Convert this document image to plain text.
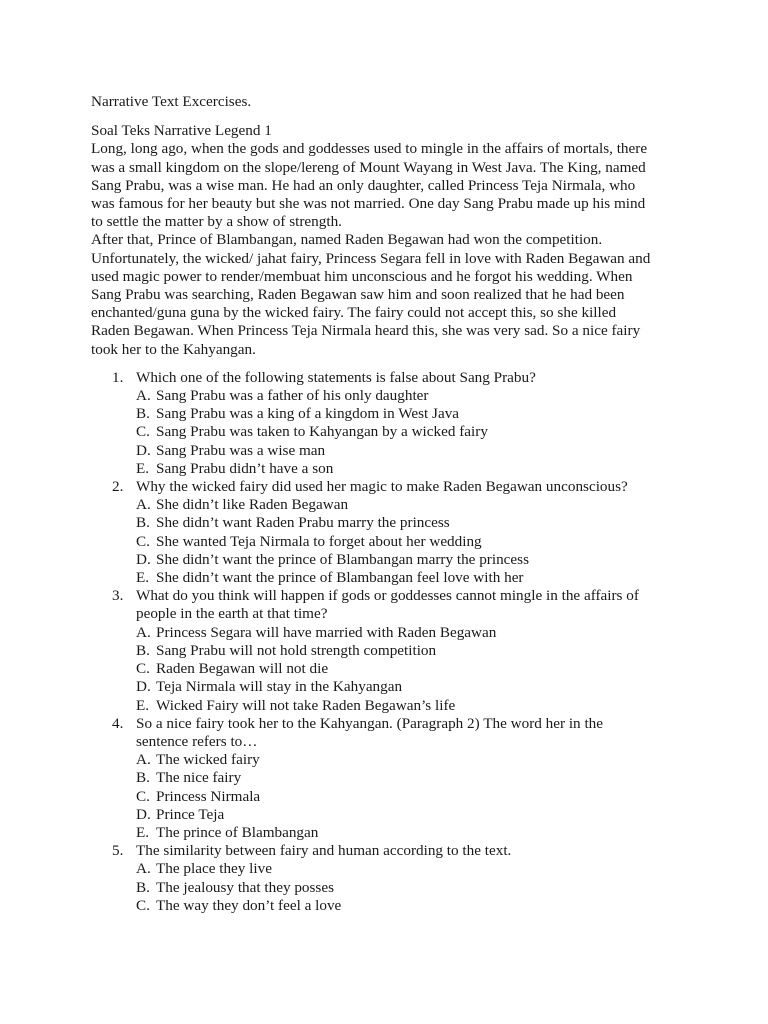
Narrative Text Excercises.

Soal Teks Narrative Legend 1
Long, long ago, when the gods and goddesses used to mingle in the affairs of mortals, there
was a small kingdom on the slope/lereng of Mount Wayang in West Java. The King, named
Sang Prabu, was a wise man. He had an only daughter, called Princess Teja Nirmala, who
was famous for her beauty but she was not married. One day Sang Prabu made up his mind
to settle the matter by a show of strength.
After that, Prince of Blambangan, named Raden Begawan had won the competition.
Unfortunately, the wicked/ jahat fairy, Princess Segara fell in love with Raden Begawan and
used magic power to render/membuat him unconscious and he forgot his wedding. When
Sang Prabu was searching, Raden Begawan saw him and soon realized that he had been
enchanted/guna guna by the wicked fairy. The fairy could not accept this, so she killed
Raden Begawan. When Princess Teja Nirmala heard this, she was very sad. So a nice fairy
took her to the Kahyangan.

1. Which one of the following statements is false about Sang Prabu?
A. Sang Prabu was a father of his only daughter
B. Sang Prabu was a king of a kingdom in West Java
C. Sang Prabu was taken to Kahyangan by a wicked fairy
D. Sang Prabu was a wise man
E. Sang Prabu didn’t have a son
2. Why the wicked fairy did used her magic to make Raden Begawan unconscious?
A. She didn’t like Raden Begawan
B. She didn’t want Raden Prabu marry the princess
C. She wanted Teja Nirmala to forget about her wedding
D. She didn’t want the prince of Blambangan marry the princess
E. She didn’t want the prince of Blambangan feel love with her
3. What do you think will happen if gods or goddesses cannot mingle in the affairs of
people in the earth at that time?
A. Princess Segara will have married with Raden Begawan
B. Sang Prabu will not hold strength competition
C. Raden Begawan will not die
D. Teja Nirmala will stay in the Kahyangan
E. Wicked Fairy will not take Raden Begawan’s life
4. So a nice fairy took her to the Kahyangan. (Paragraph 2) The word her in the
sentence refers to…
A. The wicked fairy
B. The nice fairy
C. Princess Nirmala
D. Prince Teja
E. The prince of Blambangan
5. The similarity between fairy and human according to the text.
A. The place they live
B. The jealousy that they posses
C. The way they don’t feel a love
